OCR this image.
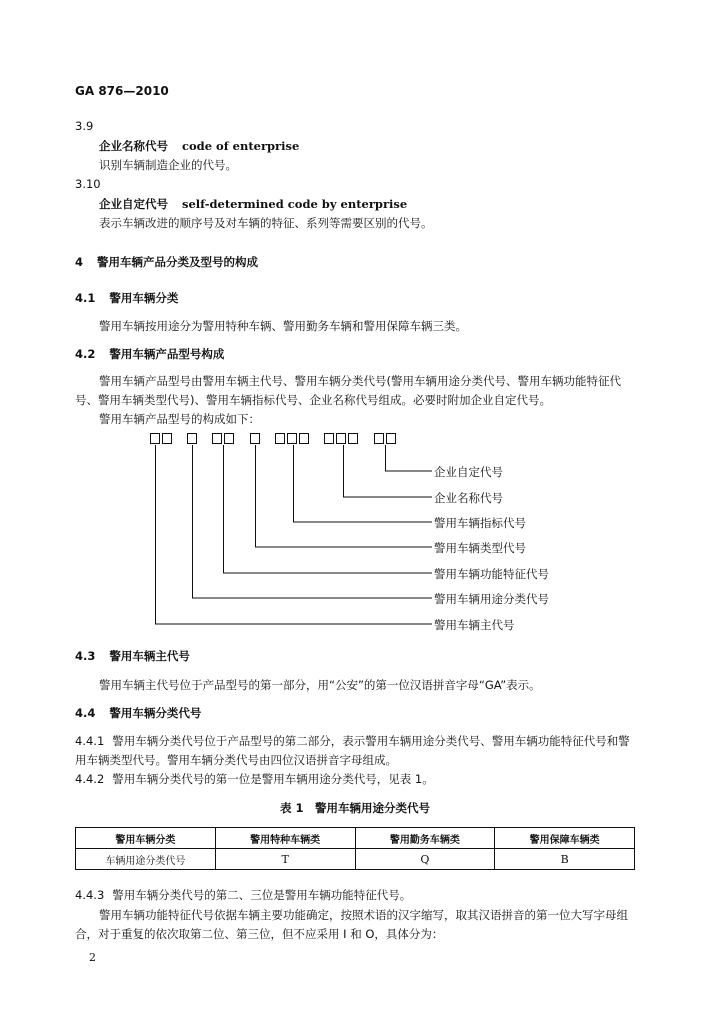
GA 876—2010
3.9
企业名称代号 code of enterprise
识别车辆制造企业的代号。
3.10
企业自定代号 self-determined code by enterprise
表示车辆改进的顺序号及对车辆的特征、系列等需要区别的代号。
4 警用车辆产品分类及型号的构成
4.1 警用车辆分类
警用车辆按用途分为警用特种车辆、警用勤务车辆和警用保障车辆三类。
4.2 警用车辆产品型号构成
警用车辆产品型号由警用车辆主代号、警用车辆分类代号(警用车辆用途分类代号、警用车辆功能特征代号、警用车辆类型代号)、警用车辆指标代号、企业名称代号组成。必要时附加企业自定代号。
警用车辆产品型号的构成如下：
企业自定代号
企业名称代号
警用车辆指标代号
警用车辆类型代号
警用车辆功能特征代号
警用车辆用途分类代号
警用车辆主代号
4.3 警用车辆主代号
警用车辆主代号位于产品型号的第一部分，用“公安”的第一位汉语拼音字母“GA”表示。
4.4 警用车辆分类代号
4.4.1 警用车辆分类代号位于产品型号的第二部分，表示警用车辆用途分类代号、警用车辆功能特征代号和警用车辆类型代号。警用车辆分类代号由四位汉语拼音字母组成。
4.4.2 警用车辆分类代号的第一位是警用车辆用途分类代号，见表 1。
表 1　警用车辆用途分类代号
警用车辆分类	警用特种车辆类	警用勤务车辆类	警用保障车辆类
车辆用途分类代号	T	Q	B
4.4.3 警用车辆分类代号的第二、三位是警用车辆功能特征代号。
警用车辆功能特征代号依据车辆主要功能确定，按照术语的汉字缩写，取其汉语拼音的第一位大写字母组合，对于重复的依次取第二位、第三位，但不应采用 I 和 O，具体分为：
2
